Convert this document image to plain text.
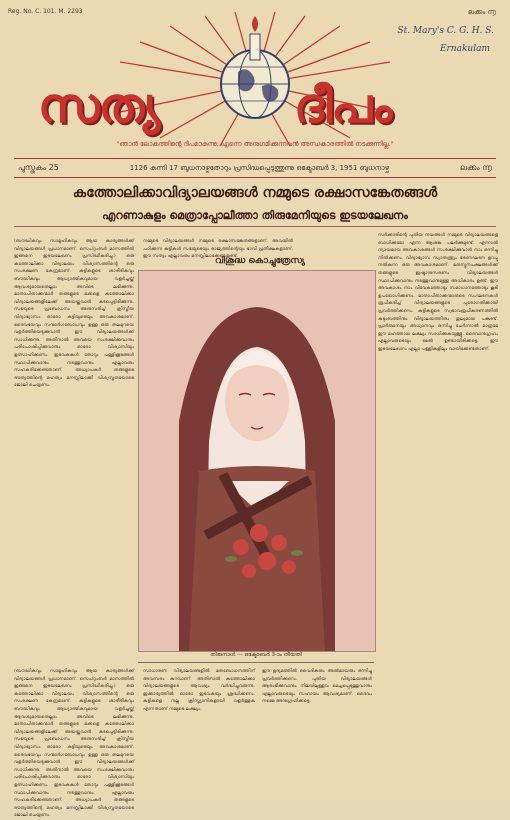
Reg. No. C. 101. M. 2293	ലക്കം ൬
St. Mary's C. G. H. S.
Ernakulam
സത്യ	ദീപം
"ഞാൻ ലോകത്തിന്റെ ദീപമാകുന്നു; എന്നെ അനുഗമിക്കുന്നവൻ അന്ധകാരത്തിൽ നടക്കുന്നില്ല."
പുസ്തകം 25	1126 കന്നി 17 ബുധനാഴ്ചതോറും പ്രസിദ്ധപ്പെടുത്തുന്നു ഒക്ടോബർ 3, 1951 ബുധനാഴ്ച	ലക്കം ൬
കത്തോലിക്കാവിദ്യാലയങ്ങൾ നമ്മുടെ രക്ഷാസങ്കേതങ്ങൾ
എറണാകുളം മെത്രാപ്പോലീത്താ തിരുമേനിയുടെ ഇടയലേഖനം
(ബൗദ്ധികവും സാമൂഹികവും ആയ കാര്യങ്ങൾക്ക് വിദ്യാലയങ്ങൾ പ്രധാനമാണ്. സെപ്റ്റംബർ മാസത്തിൽ ഇങ്ങനെ ഇടയലേഖനം പ്രസിദ്ധീകരിച്ചു.) ഒരു കത്തോലിക്കാ വിദ്യാലയം വിശ്വാസത്തിന്റെ ഒരു സംരക്ഷണ കേന്ദ്രമാണ്. കുട്ടികളുടെ ശാരീരികവും ബൗദ്ധികവും ആധ്യാത്മികവുമായ വളർച്ചയ്ക്ക് ആവശ്യമായതെല്ലാം അവിടെ ലഭിക്കുന്നു. മാതാപിതാക്കന്മാർ തങ്ങളുടെ മക്കളെ കത്തോലിക്കാ വിദ്യാലയങ്ങളിലേക്ക് അയയ്ക്കുവാൻ കടപ്പെട്ടിരിക്കുന്നു. സഭയുടെ പ്രബോധനം അനുസരിച്ച് ക്രിസ്തീയ വിദ്യാഭ്യാസം ഓരോ കുട്ടിയുടെയും അവകാശമാണ്. ദൈവഭയവും സന്മാർഗബോധവും ഉള്ള ഒരു തലമുറയെ വളർത്തിയെടുക്കുവാൻ ഈ വിദ്യാലയങ്ങൾക്ക് സാധിക്കുന്നു. അതിനാൽ അവയെ സംരക്ഷിക്കുവാനും പരിപോഷിപ്പിക്കുവാനും ഓരോ വിശ്വാസിയും ഉത്സാഹിക്കണം. ഇടവകകൾ തോറും പള്ളിക്കൂടങ്ങൾ സ്ഥാപിക്കുവാനും നടത്തുവാനും എല്ലാവരും സഹകരിക്കേണ്ടതാണ്. അധ്യാപകർ തങ്ങളുടെ ദൗത്യത്തിന്റെ മഹത്വം മനസ്സിലാക്കി വിശ്വസ്തതയോടെ ജോലി ചെയ്യണം.
നമ്മുടെ വിദ്യാലയങ്ങൾ നമ്മുടെ രക്ഷാസങ്കേതങ്ങളാണ്. അവയിൽ പഠിക്കുന്ന കുട്ടികൾ സഭയുടെയും രാജ്യത്തിന്റെയും ഭാവി പ്രതീക്ഷകളാണ്. ഈ സത്യം എല്ലാവരും മനസ്സിലാക്കേണ്ടതുണ്ട്.
സർക്കാരിന്റെ പുതിയ നയങ്ങൾ നമ്മുടെ വിദ്യാലയങ്ങളെ ബാധിക്കുമോ എന്ന ആശങ്ക പലർക്കുമുണ്ട്. എന്നാൽ ന്യായമായ അവകാശങ്ങൾ സംരക്ഷിക്കുവാൻ നാം ഒന്നിച്ചു നിൽക്കണം. വിദ്യാഭ്യാസ സ്വാതന്ത്ര്യം ഭരണഘടന ഉറപ്പു നൽകുന്ന ഒരു അവകാശമാണ്. മതന്യൂനപക്ഷങ്ങൾക്ക് തങ്ങളുടെ ഇഷ്ടാനുസരണം വിദ്യാലയങ്ങൾ സ്ഥാപിക്കുവാനും നടത്തുവാനുമുള്ള അധികാരം ഉണ്ട്. ഈ അവകാശം നാം വിവേകത്തോടും സമാധാനത്തോടും കൂടി ഉപയോഗിക്കണം. മാതാപിതാക്കന്മാരുടെ സംഘടനകൾ രൂപീകരിച്ച് വിദ്യാലയങ്ങളുടെ പുരോഗതിക്കായി പ്രവർത്തിക്കണം. കുട്ടികളുടെ സ്വഭാവരൂപീകരണത്തിൽ കുടുംബത്തിനും വിദ്യാലയത്തിനും തുല്യമായ പങ്കുണ്ട്. പ്രാർത്ഥനയും അധ്വാനവും ഒന്നിച്ചു ചേർന്നാൽ മാത്രമേ ഈ മഹത്തായ ലക്ഷ്യം സാധിക്കുകയുള്ളൂ. ദൈവാനുഗ്രഹം എല്ലാവരുടെയും മേൽ ഉണ്ടായിരിക്കട്ടെ. ഈ ഇടയലേഖനം എല്ലാ പള്ളികളിലും വായിക്കേണ്ടതാണ്.
വിശുദ്ധ കൊച്ചുത്രേസ്യ
തിരുനാൾ — ഒക്ടോബർ 3-ാം തീയതി
(ബൗദ്ധികവും സാമൂഹികവും ആയ കാര്യങ്ങൾക്ക് വിദ്യാലയങ്ങൾ പ്രധാനമാണ്. സെപ്റ്റംബർ മാസത്തിൽ ഇങ്ങനെ ഇടയലേഖനം പ്രസിദ്ധീകരിച്ചു.) ഒരു കത്തോലിക്കാ വിദ്യാലയം വിശ്വാസത്തിന്റെ ഒരു സംരക്ഷണ കേന്ദ്രമാണ്. കുട്ടികളുടെ ശാരീരികവും ബൗദ്ധികവും ആധ്യാത്മികവുമായ വളർച്ചയ്ക്ക് ആവശ്യമായതെല്ലാം അവിടെ ലഭിക്കുന്നു. മാതാപിതാക്കന്മാർ തങ്ങളുടെ മക്കളെ കത്തോലിക്കാ വിദ്യാലയങ്ങളിലേക്ക് അയയ്ക്കുവാൻ കടപ്പെട്ടിരിക്കുന്നു. സഭയുടെ പ്രബോധനം അനുസരിച്ച് ക്രിസ്തീയ വിദ്യാഭ്യാസം ഓരോ കുട്ടിയുടെയും അവകാശമാണ്. ദൈവഭയവും സന്മാർഗബോധവും ഉള്ള ഒരു തലമുറയെ വളർത്തിയെടുക്കുവാൻ ഈ വിദ്യാലയങ്ങൾക്ക് സാധിക്കുന്നു. അതിനാൽ അവയെ സംരക്ഷിക്കുവാനും പരിപോഷിപ്പിക്കുവാനും ഓരോ വിശ്വാസിയും ഉത്സാഹിക്കണം. ഇടവകകൾ തോറും പള്ളിക്കൂടങ്ങൾ സ്ഥാപിക്കുവാനും നടത്തുവാനും എല്ലാവരും സഹകരിക്കേണ്ടതാണ്. അധ്യാപകർ തങ്ങളുടെ ദൗത്യത്തിന്റെ മഹത്വം മനസ്സിലാക്കി വിശ്വസ്തതയോടെ ജോലി ചെയ്യണം.
സാധാരണ വിദ്യാലയങ്ങളിൽ മതബോധനത്തിന് അവസരം കുറവാണ്. അതിനാൽ കത്തോലിക്കാ വിദ്യാലയങ്ങളുടെ ആവശ്യം വർദ്ധിച്ചുവരുന്നു. ഇക്കാര്യത്തിൽ ഓരോ ഇടവകയും ശ്രദ്ധിക്കണം. കുട്ടികളെ നല്ല ക്രിസ്ത്യാനികളായി വളർത്തുക എന്നതാണ് നമ്മുടെ ലക്ഷ്യം.
ഈ ഉദ്യമത്തിൽ വൈദികരും അൽമായരും ഒന്നിച്ചു പ്രവർത്തിക്കണം. പുതിയ വിദ്യാലയങ്ങൾ ആരംഭിക്കുവാനും നിലവിലുള്ളവ മെച്ചപ്പെടുത്തുവാനും എല്ലാവരുടെയും സഹായം ആവശ്യമാണ്. ദൈവം നമ്മെ അനുഗ്രഹിക്കട്ടെ.
